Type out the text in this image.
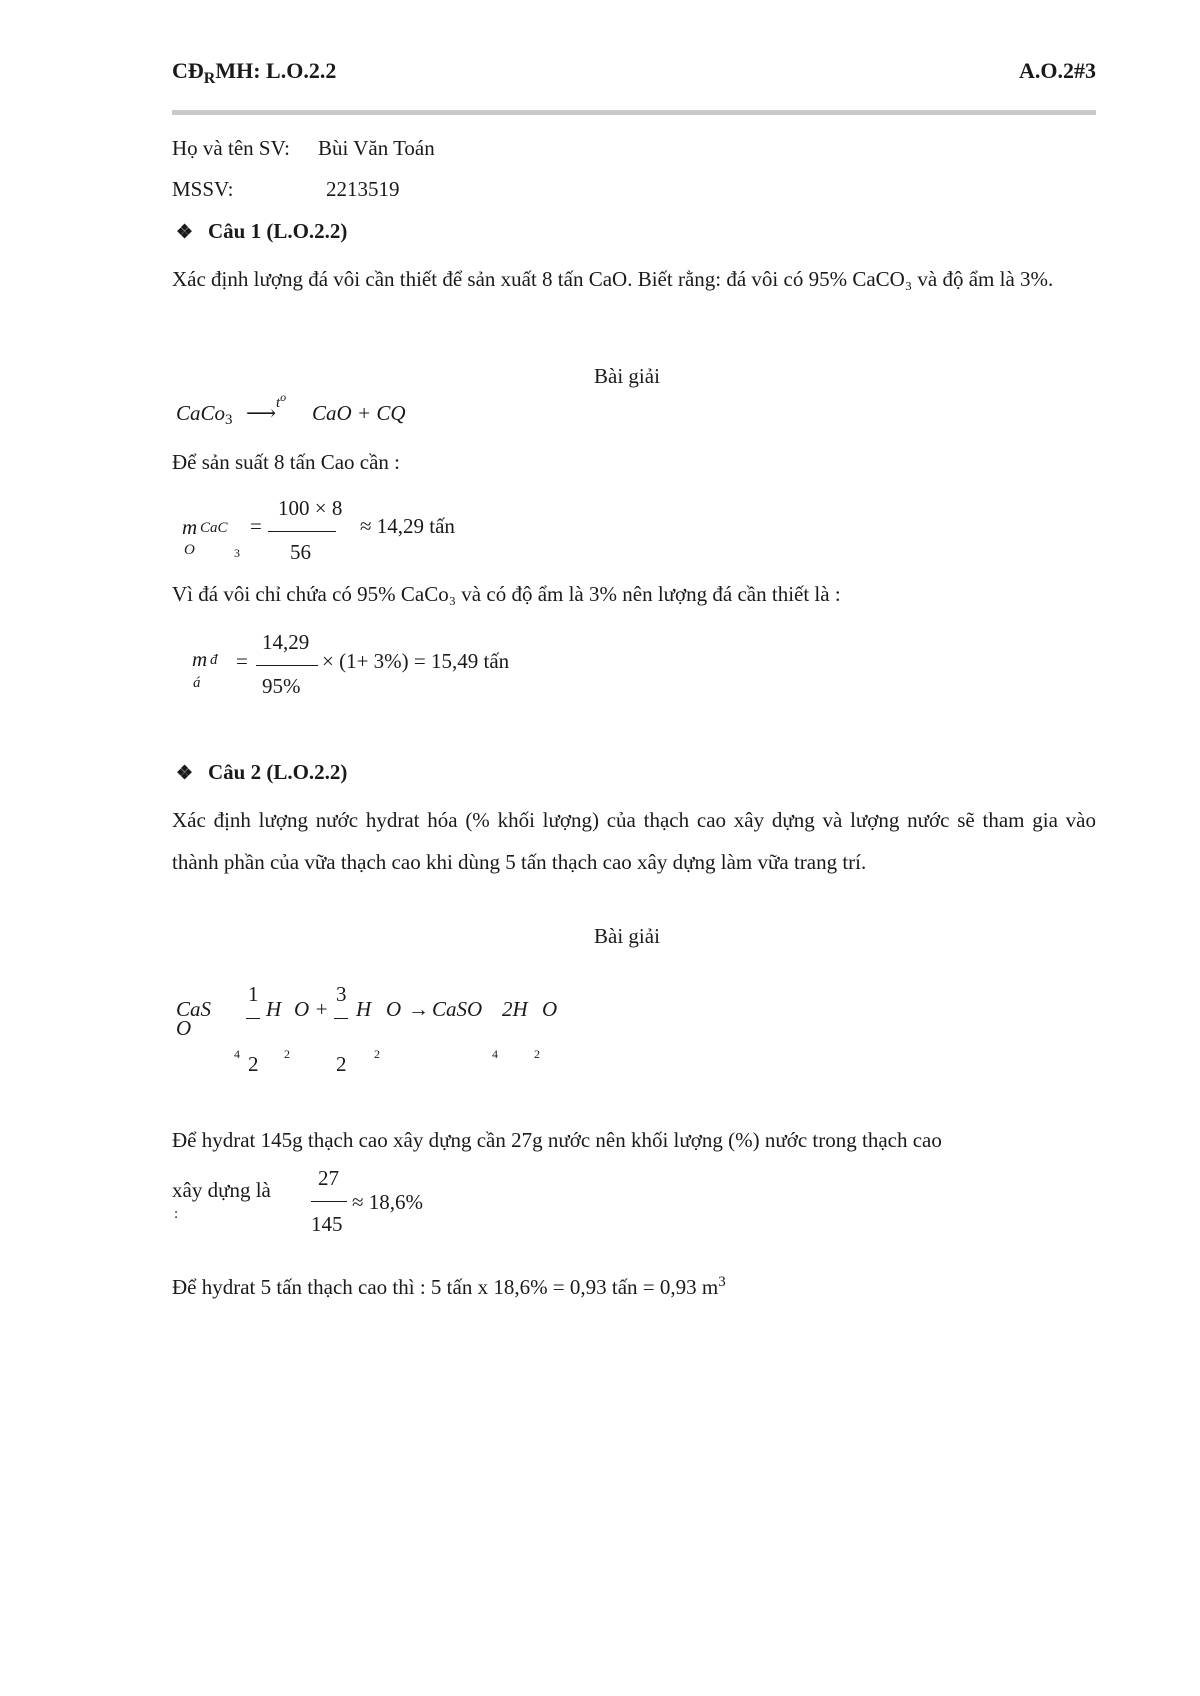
$CĐ_RMH$: L.O.2.2	A.O.2#3
Họ và tên SV: Bùi Văn Toán
MSSV:	2213519
❖ Câu 1 (L.O.2.2)
Xác định lượng đá vôi cần thiết để sản xuất 8 tấn CaO. Biết rằng: đá vôi có 95% CaCO₃ và độ ẩm là 3%.
Bài giải
CaCo3 ⟶ $t^o$
CaO + CQ
Để sản suất 8 tấn Cao cần :
m CaC
O	3
=
100 × 8
56
≈ 14,29 tấn
Vì đá vôi chỉ chứa có 95% CaCo₃ và có độ ẩm là 3% nên lượng đá cần thiết là :
m đ
á
=
14,29
95%
× (1+ 3%) = 15,49 tấn
❖ Câu 2 (L.O.2.2)
Xác định lượng nước hydrat hóa (% khối lượng) của thạch cao xây dựng và lượng nước sẽ tham gia vào thành phần của vữa thạch cao khi dùng 5 tấn thạch cao xây dựng làm vữa trang trí.
Bài giải
CaS
O
4
1
2
H
2
O +
3
2
H
2
O → CaSO
4
2H
2
O
Để hydrat 145g thạch cao xây dựng cần 27g nước nên khối lượng (%) nước trong thạch cao
xây dựng là
:
27
145
≈ 18,6%
Để hydrat 5 tấn thạch cao thì : 5 tấn x 18,6% = 0,93 tấn = 0,93 $m^3$
